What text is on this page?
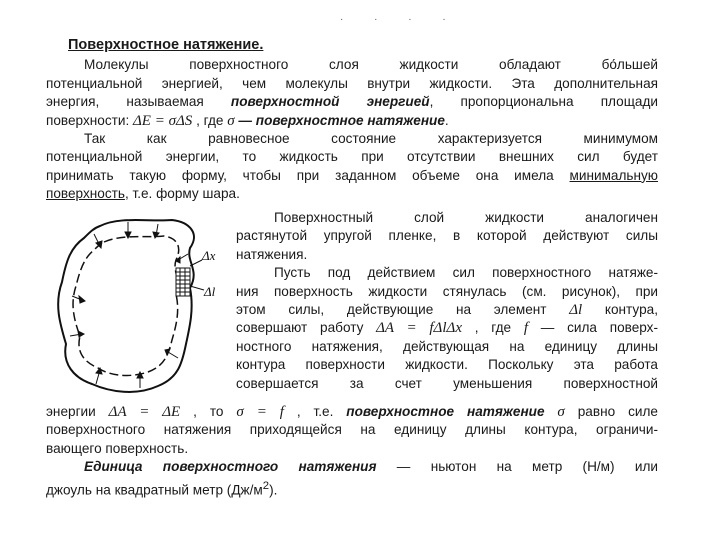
· · · ·
Поверхностное натяжение.
Молекулы поверхностного слоя жидкости обладают бо́льшей
потенциальной энергией, чем молекулы внутри жидкости. Эта дополнительная
энергия, называемая поверхностной энергией, пропорциональна площади
поверхности: ΔE = σΔS , где σ — поверхностное натяжение.
Так как равновесное состояние характеризуется минимумом
потенциальной энергии, то жидкость при отсутствии внешних сил будет
принимать такую форму, чтобы при заданном объеме она имела минимальную
поверхность, т.е. форму шара.
Δx
Δl
Поверхностный слой жидкости аналогичен
растянутой упругой пленке, в которой действуют силы
натяжения.
Пусть под действием сил поверхностного натяже-
ния поверхность жидкости стянулась (см. рисунок), при
этом силы, действующие на элемент Δl контура,
совершают работу ΔA = fΔlΔx , где f — сила поверх-
ностного натяжения, действующая на единицу длины
контура поверхности жидкости. Поскольку эта работа
совершается за счет уменьшения поверхностной
энергии ΔA = ΔE , то σ = f , т.е. поверхностное натяжение σ равно силе
поверхностного натяжения приходящейся на единицу длины контура, ограничи-
вающего поверхность.
Единица поверхностного натяжения — ньютон на метр (Н/м) или
джоуль на квадратный метр $(Дж/м^2)$.
